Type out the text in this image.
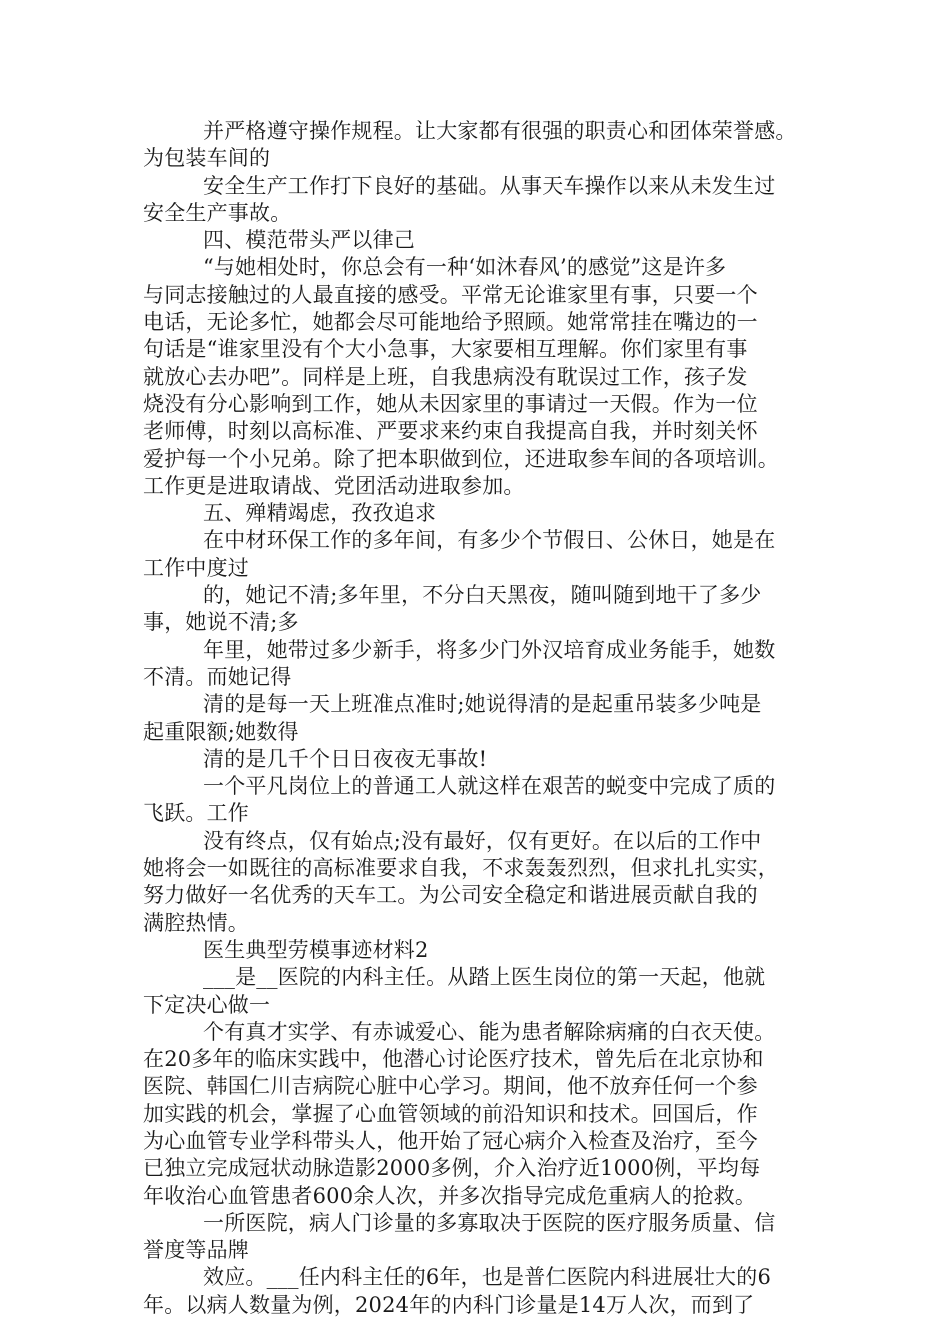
并严格遵守操作规程。让大家都有很强的职责心和团体荣誉感。
为包装车间的
安全生产工作打下良好的基础。从事天车操作以来从未发生过
安全生产事故。
四、模范带头严以律己
“与她相处时，你总会有一种‘如沐春风’的感觉”这是许多
与同志接触过的人最直接的感受。平常无论谁家里有事，只要一个
电话，无论多忙，她都会尽可能地给予照顾。她常常挂在嘴边的一
句话是“谁家里没有个大小急事，大家要相互理解。你们家里有事
就放心去办吧”。同样是上班，自我患病没有耽误过工作，孩子发
烧没有分心影响到工作，她从未因家里的事请过一天假。作为一位
老师傅，时刻以高标准、严要求来约束自我提高自我，并时刻关怀
爱护每一个小兄弟。除了把本职做到位，还进取参车间的各项培训。
工作更是进取请战、党团活动进取参加。
五、殚精竭虑，孜孜追求
在中材环保工作的多年间，有多少个节假日、公休日，她是在
工作中度过
的，她记不清;多年里，不分白天黑夜，随叫随到地干了多少
事，她说不清;多
年里，她带过多少新手，将多少门外汉培育成业务能手，她数
不清。而她记得
清的是每一天上班准点准时;她说得清的是起重吊装多少吨是
起重限额;她数得
清的是几千个日日夜夜无事故!
一个平凡岗位上的普通工人就这样在艰苦的蜕变中完成了质的
飞跃。工作
没有终点，仅有始点;没有最好，仅有更好。在以后的工作中
她将会一如既往的高标准要求自我，不求轰轰烈烈，但求扎扎实实，
努力做好一名优秀的天车工。为公司安全稳定和谐进展贡献自我的
满腔热情。
医生典型劳模事迹材料2
___是__医院的内科主任。从踏上医生岗位的第一天起，他就
下定决心做一
个有真才实学、有赤诚爱心、能为患者解除病痛的白衣天使。
在20多年的临床实践中，他潜心讨论医疗技术，曾先后在北京协和
医院、韩国仁川吉病院心脏中心学习。期间，他不放弃任何一个参
加实践的机会，掌握了心血管领域的前沿知识和技术。回国后，作
为心血管专业学科带头人，他开始了冠心病介入检查及治疗，至今
已独立完成冠状动脉造影2000多例，介入治疗近1000例，平均每
年收治心血管患者600余人次，并多次指导完成危重病人的抢救。
一所医院，病人门诊量的多寡取决于医院的医疗服务质量、信
誉度等品牌
效应。___任内科主任的6年，也是普仁医院内科进展壮大的6
年。以病人数量为例，2024年的内科门诊量是14万人次，而到了
